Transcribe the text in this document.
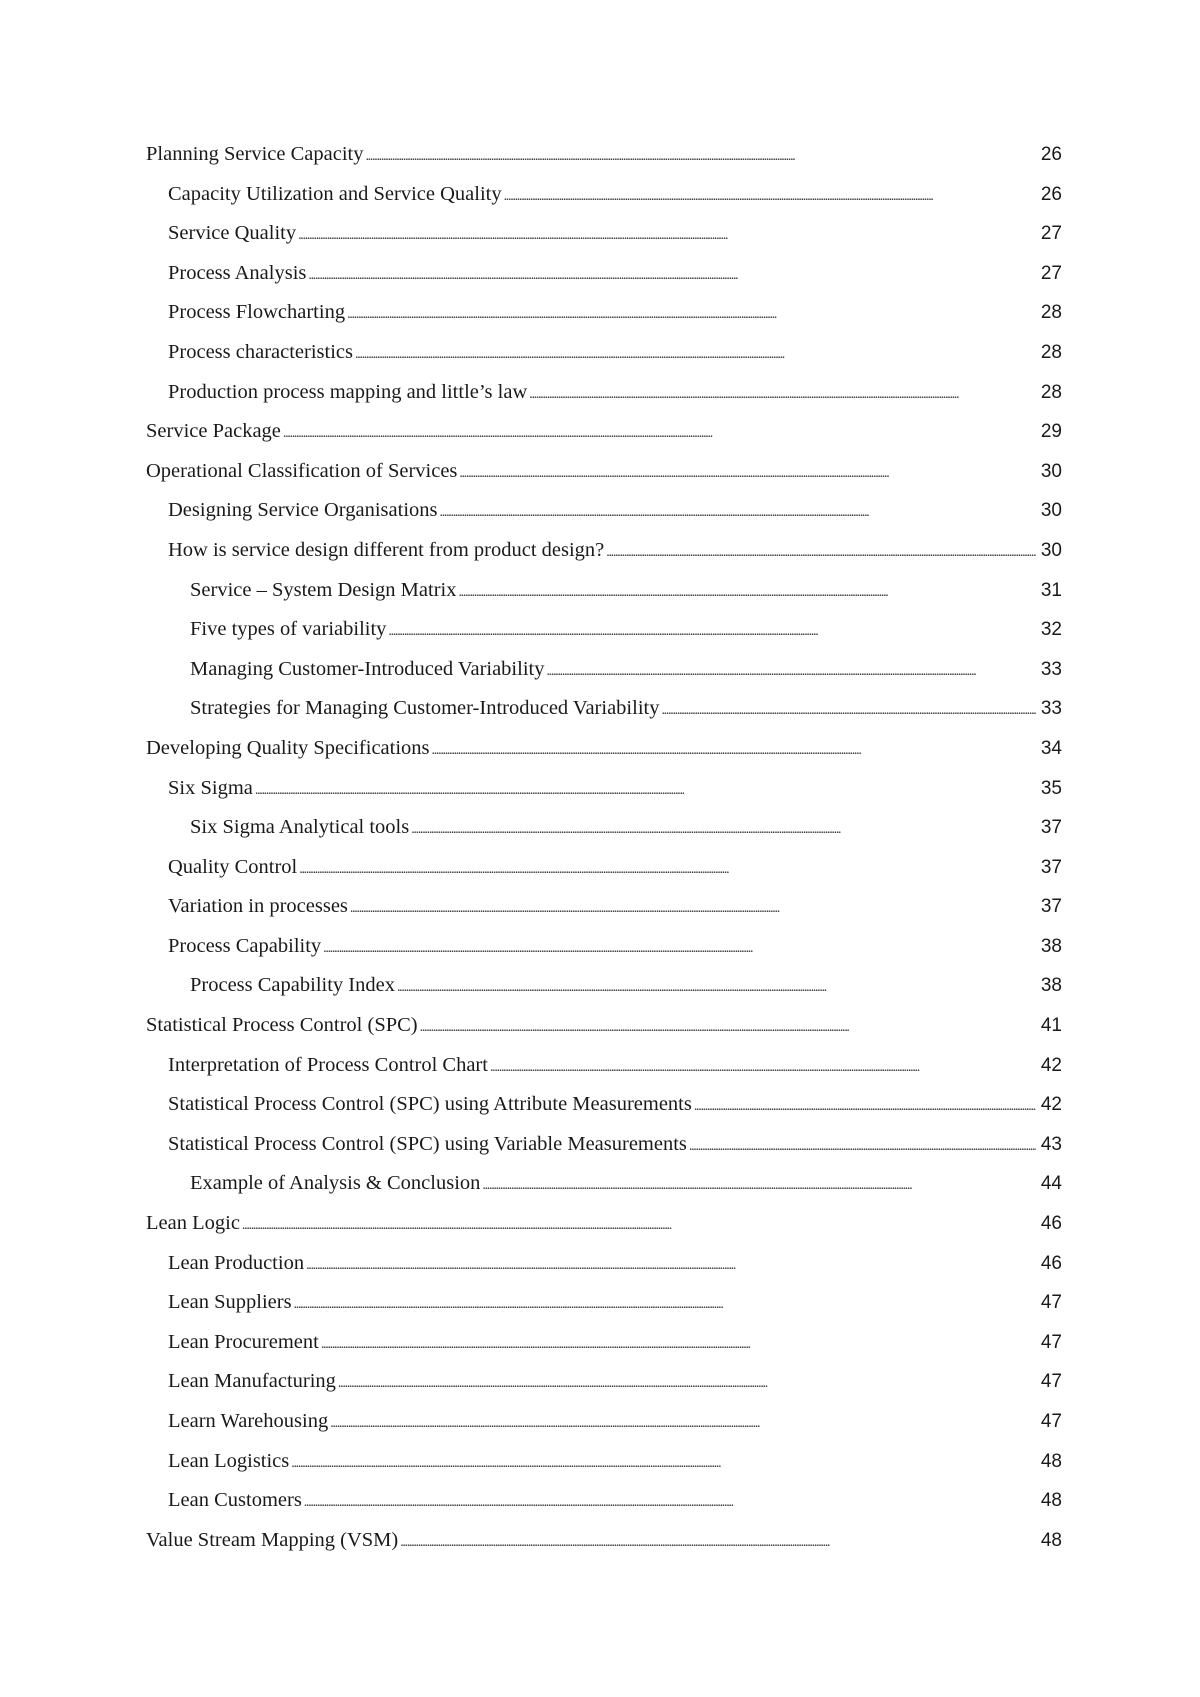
Planning Service Capacity . . .	26
Capacity Utilization and Service Quality . . .	26
Service Quality . . .	27
Process Analysis . . .	27
Process Flowcharting . . .	28
Process characteristics . . .	28
Production process mapping and little’s law . . .	28
Service Package . . .	29
Operational Classification of Services . . .	30
Designing Service Organisations . . .	30
How is service design different from product design? . . .	30
Service – System Design Matrix . . .	31
Five types of variability . . .	32
Managing Customer-Introduced Variability . . .	33
Strategies for Managing Customer-Introduced Variability . . .	33
Developing Quality Specifications . . .	34
Six Sigma . . .	35
Six Sigma Analytical tools . . .	37
Quality Control . . .	37
Variation in processes . . .	37
Process Capability . . .	38
Process Capability Index . . .	38
Statistical Process Control (SPC) . . .	41
Interpretation of Process Control Chart . . .	42
Statistical Process Control (SPC) using Attribute Measurements . . .	42
Statistical Process Control (SPC) using Variable Measurements . . .	43
Example of Analysis & Conclusion . . .	44
Lean Logic . . .	46
Lean Production . . .	46
Lean Suppliers . . .	47
Lean Procurement . . .	47
Lean Manufacturing . . .	47
Learn Warehousing . . .	47
Lean Logistics . . .	48
Lean Customers . . .	48
Value Stream Mapping (VSM) . . .	48
